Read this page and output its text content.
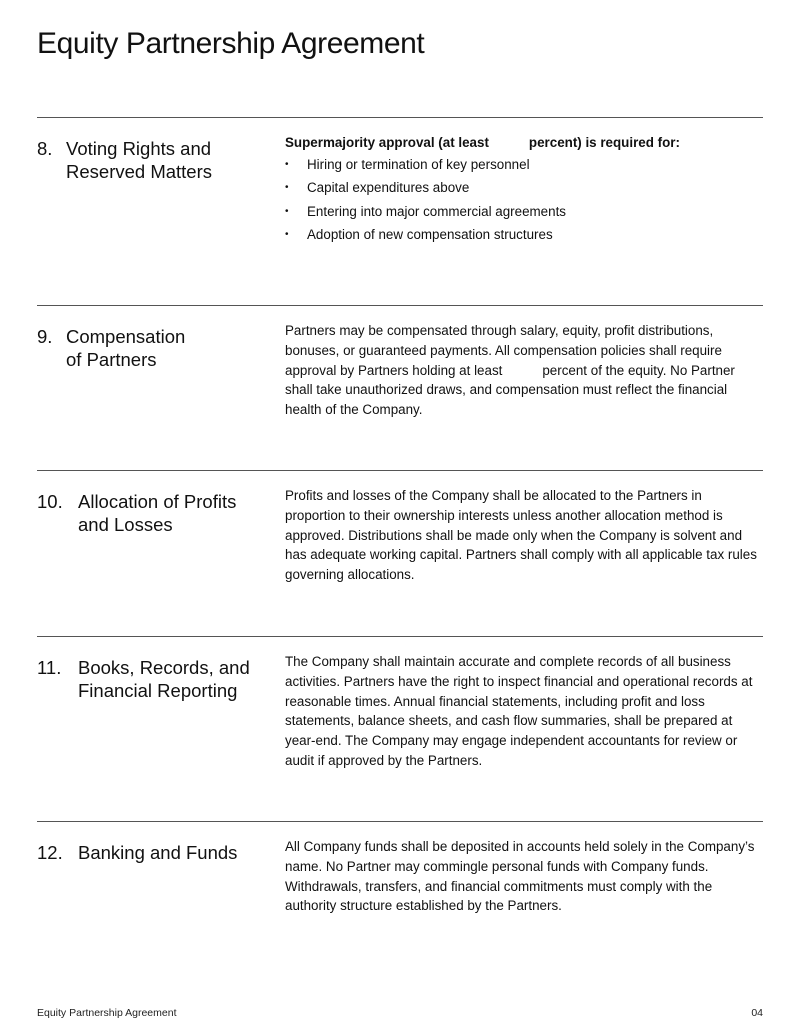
Equity Partnership Agreement
8. Voting Rights and Reserved Matters

Supermajority approval (at least	percent) is required for:

• Hiring or termination of key personnel
• Capital expenditures above
• Entering into major commercial agreements
• Adoption of new compensation structures
9. Compensation of Partners

Partners may be compensated through salary, equity, profit distributions, bonuses, or guaranteed payments. All compensation policies shall require approval by Partners holding at least	percent of the equity. No Partner shall take unauthorized draws, and compensation must reflect the financial health of the Company.

10. Allocation of Profits and Losses

Profits and losses of the Company shall be allocated to the Partners in proportion to their ownership interests unless another allocation method is approved. Distributions shall be made only when the Company is solvent and has adequate working capital. Partners shall comply with all applicable tax rules governing allocations.

11. Books, Records, and Financial Reporting

The Company shall maintain accurate and complete records of all business activities. Partners have the right to inspect financial and operational records at reasonable times. Annual financial statements, including profit and loss statements, balance sheets, and cash flow summaries, shall be prepared at year-end. The Company may engage independent accountants for review or audit if approved by the Partners.

12. Banking and Funds	All Company funds shall be deposited in accounts held solely in the Company’s name. No Partner may commingle personal funds with Company funds. Withdrawals, transfers, and financial commitments must comply with the authority structure established by the Partners.

Equity Partnership Agreement	04
